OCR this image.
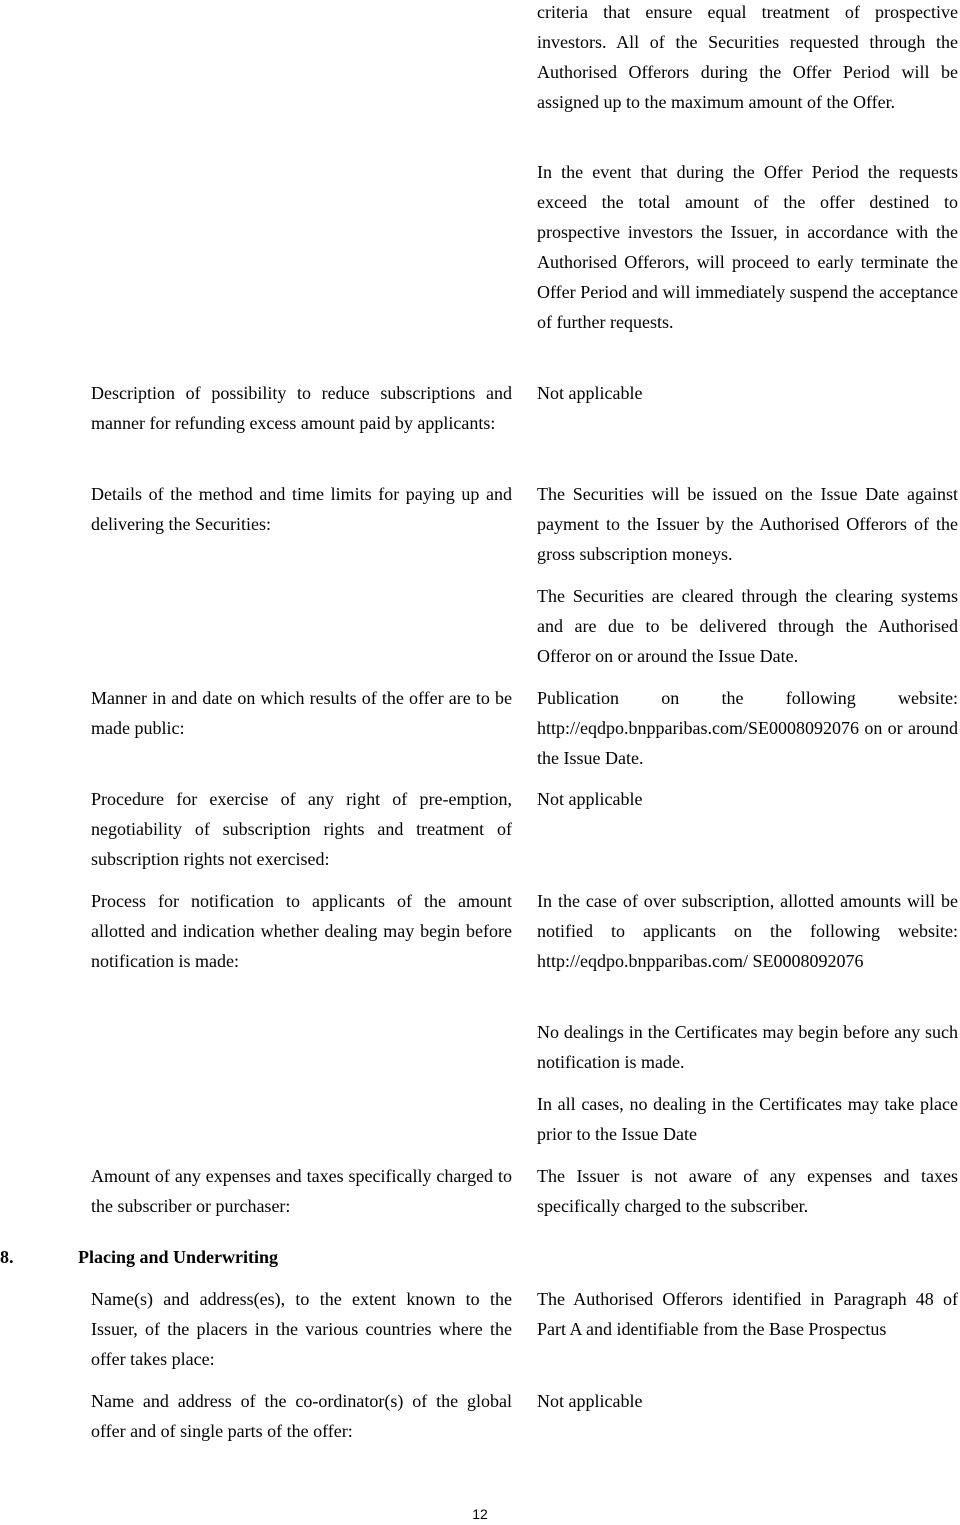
criteria that ensure equal treatment of prospective investors. All of the Securities requested through the Authorised Offerors during the Offer Period will be assigned up to the maximum amount of the Offer.

In the event that during the Offer Period the requests exceed the total amount of the offer destined to prospective investors the Issuer, in accordance with the Authorised Offerors, will proceed to early terminate the Offer Period and will immediately suspend the acceptance of further requests.

Description of possibility to reduce subscriptions and manner for refunding excess amount paid by applicants:

Not applicable

Details of the method and time limits for paying up and delivering the Securities:

The Securities will be issued on the Issue Date against payment to the Issuer by the Authorised Offerors of the gross subscription moneys.

The Securities are cleared through the clearing systems and are due to be delivered through the Authorised Offeror on or around the Issue Date.

Manner in and date on which results of the offer are to be made public:

Publication on the following website: http://eqdpo.bnpparibas.com/SE0008092076 on or around the Issue Date.

Procedure for exercise of any right of pre-emption, negotiability of subscription rights and treatment of subscription rights not exercised:

Not applicable

Process for notification to applicants of the amount allotted and indication whether dealing may begin before notification is made:

In the case of over subscription, allotted amounts will be notified to applicants on the following website: http://eqdpo.bnpparibas.com/ SE0008092076

No dealings in the Certificates may begin before any such notification is made.

In all cases, no dealing in the Certificates may take place prior to the Issue Date

Amount of any expenses and taxes specifically charged to the subscriber or purchaser:

The Issuer is not aware of any expenses and taxes specifically charged to the subscriber.

8.	Placing and Underwriting

Name(s) and address(es), to the extent known to the Issuer, of the placers in the various countries where the offer takes place:

The Authorised Offerors identified in Paragraph 48 of Part A and identifiable from the Base Prospectus

Name and address of the co-ordinator(s) of the global offer and of single parts of the offer:

Not applicable

12
